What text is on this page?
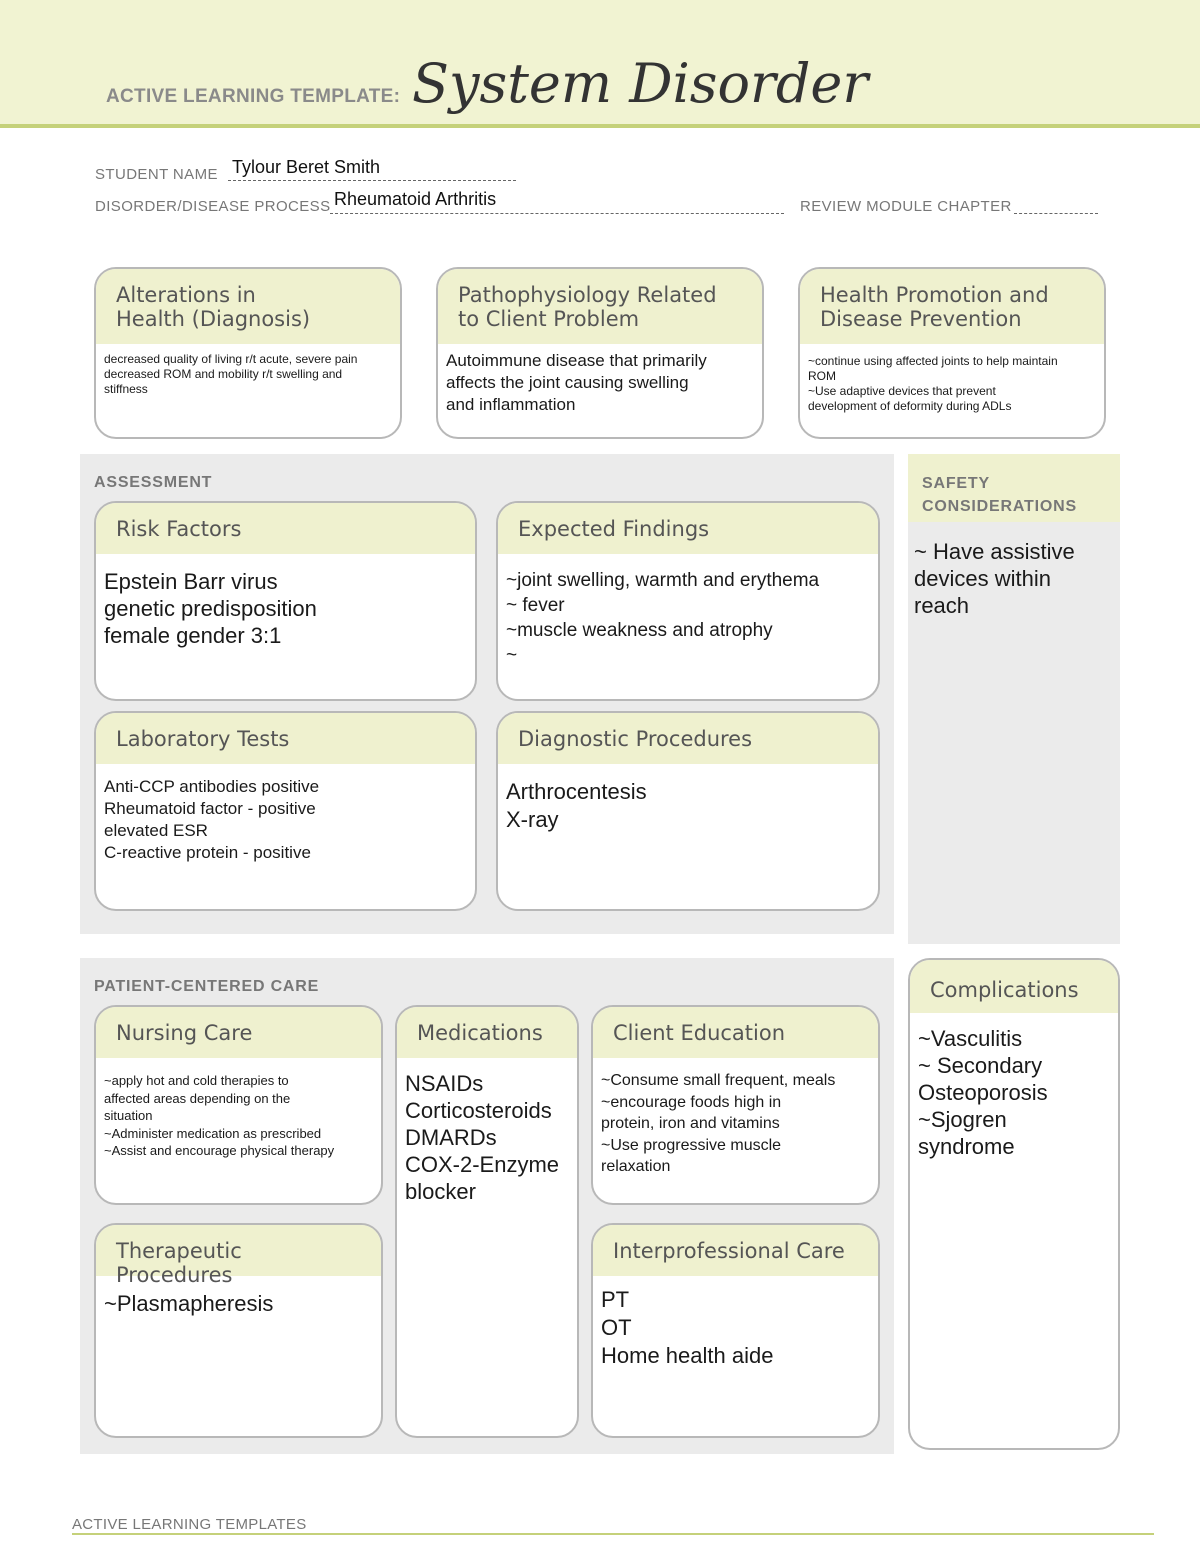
ACTIVE LEARNING TEMPLATE: System Disorder
STUDENT NAME Tylour Beret Smith
DISORDER/DISEASE PROCESS Rheumatoid Arthritis	REVIEW MODULE CHAPTER
Alterations in
Health (Diagnosis)
decreased quality of living r/t acute, severe pain
decreased ROM and mobility r/t swelling and
stiffness
Pathophysiology Related
to Client Problem
Autoimmune disease that primarily
affects the joint causing swelling
and inflammation
Health Promotion and
Disease Prevention
~continue using affected joints to help maintain
ROM
~Use adaptive devices that prevent
development of deformity during ADLs
ASSESSMENT
Risk Factors
Epstein Barr virus
genetic predisposition
female gender 3:1
Expected Findings
~joint swelling, warmth and erythema
~ fever
~muscle weakness and atrophy
~
Laboratory Tests
Anti-CCP antibodies positive
Rheumatoid factor - positive
elevated ESR
C-reactive protein - positive
Diagnostic Procedures
Arthrocentesis
X-ray
SAFETY
CONSIDERATIONS
~ Have assistive
devices within
reach
PATIENT-CENTERED CARE
Nursing Care
~apply hot and cold therapies to
affected areas depending on the
situation
~Administer medication as prescribed
~Assist and encourage physical therapy
Medications
NSAIDs
Corticosteroids
DMARDs
COX-2-Enzyme
blocker
Client Education
~Consume small frequent, meals
~encourage foods high in
protein, iron and vitamins
~Use progressive muscle
relaxation
Therapeutic Procedures
~Plasmapheresis
Interprofessional Care
PT
OT
Home health aide
Complications
~Vasculitis
~ Secondary
Osteoporosis
~Sjogren
syndrome
ACTIVE LEARNING TEMPLATES
